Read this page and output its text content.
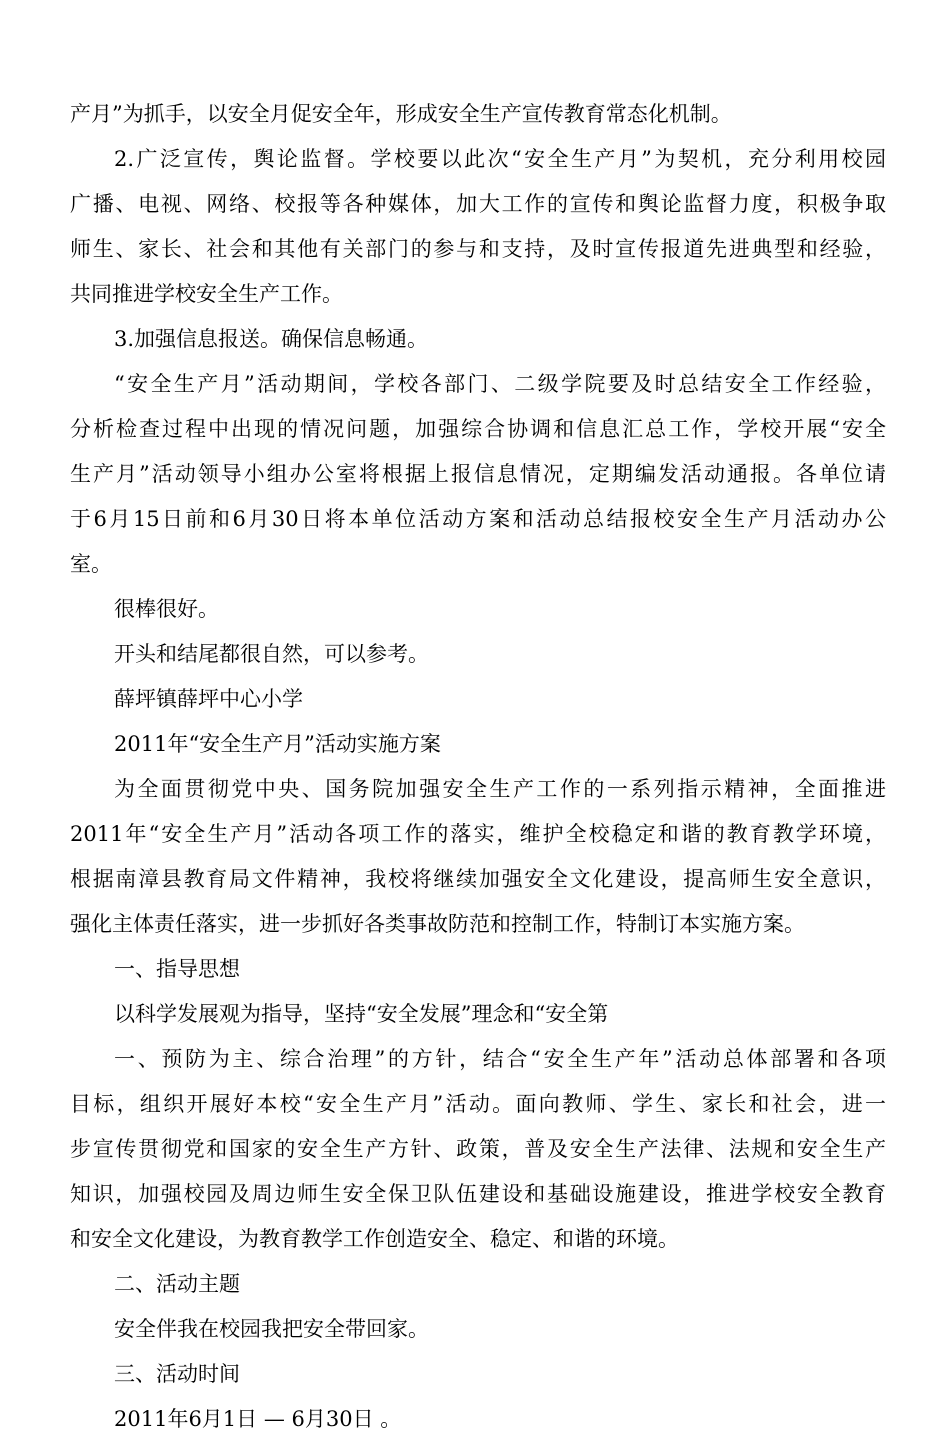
产月”为抓手，以安全月促安全年，形成安全生产宣传教育常态化机制。
2.广泛宣传，舆论监督。学校要以此次“安全生产月”为契机，充分利用校园
广播、电视、网络、校报等各种媒体，加大工作的宣传和舆论监督力度，积极争取
师生、家长、社会和其他有关部门的参与和支持，及时宣传报道先进典型和经验，
共同推进学校安全生产工作。
3.加强信息报送。确保信息畅通。
“安全生产月”活动期间，学校各部门、二级学院要及时总结安全工作经验，
分析检查过程中出现的情况问题，加强综合协调和信息汇总工作，学校开展“安全
生产月”活动领导小组办公室将根据上报信息情况，定期编发活动通报。各单位请
于6月15日前和6月30日将本单位活动方案和活动总结报校安全生产月活动办公
室。
很棒很好。
开头和结尾都很自然，可以参考。
薛坪镇薛坪中心小学
2011年“安全生产月”活动实施方案
为全面贯彻党中央、国务院加强安全生产工作的一系列指示精神，全面推进
2011年“安全生产月”活动各项工作的落实，维护全校稳定和谐的教育教学环境，
根据南漳县教育局文件精神，我校将继续加强安全文化建设，提高师生安全意识，
强化主体责任落实，进一步抓好各类事故防范和控制工作，特制订本实施方案。
一、指导思想
以科学发展观为指导，坚持“安全发展”理念和“安全第
一、预防为主、综合治理”的方针，结合“安全生产年”活动总体部署和各项
目标，组织开展好本校“安全生产月”活动。面向教师、学生、家长和社会，进一
步宣传贯彻党和国家的安全生产方针、政策，普及安全生产法律、法规和安全生产
知识，加强校园及周边师生安全保卫队伍建设和基础设施建设，推进学校安全教育
和安全文化建设，为教育教学工作创造安全、稳定、和谐的环境。
二、活动主题
安全伴我在校园我把安全带回家。
三、活动时间
2011年6月1日 — 6月30日 。
